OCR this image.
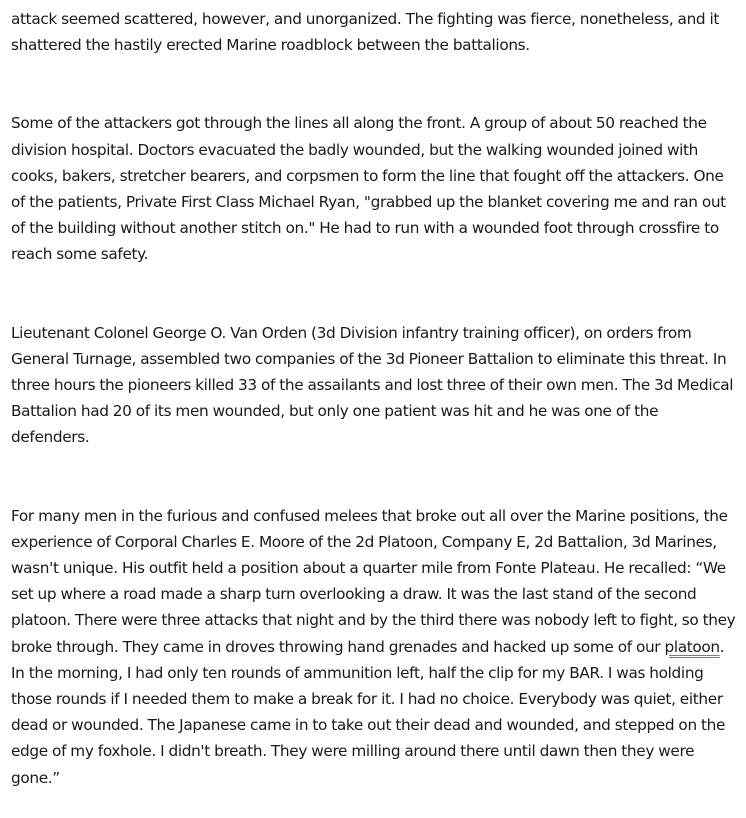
attack seemed scattered, however, and unorganized. The fighting was fierce, nonetheless, and it shattered the hastily erected Marine roadblock between the battalions.

Some of the attackers got through the lines all along the front. A group of about 50 reached the division hospital. Doctors evacuated the badly wounded, but the walking wounded joined with cooks, bakers, stretcher bearers, and corpsmen to form the line that fought off the attackers. One of the patients, Private First Class Michael Ryan, "grabbed up the blanket covering me and ran out of the building without another stitch on." He had to run with a wounded foot through crossfire to reach some safety.

Lieutenant Colonel George O. Van Orden (3d Division infantry training officer), on orders from General Turnage, assembled two companies of the 3d Pioneer Battalion to eliminate this threat. In three hours the pioneers killed 33 of the assailants and lost three of their own men. The 3d Medical Battalion had 20 of its men wounded, but only one patient was hit and he was one of the defenders.

For many men in the furious and confused melees that broke out all over the Marine positions, the experience of Corporal Charles E. Moore of the 2d Platoon, Company E, 2d Battalion, 3d Marines, wasn't unique. His outfit held a position about a quarter mile from Fonte Plateau. He recalled: “We set up where a road made a sharp turn overlooking a draw. It was the last stand of the second platoon. There were three attacks that night and by the third there was nobody left to fight, so they broke through. They came in droves throwing hand grenades and hacked up some of our platoon. In the morning, I had only ten rounds of ammunition left, half the clip for my BAR. I was holding those rounds if I needed them to make a break for it. I had no choice. Everybody was quiet, either dead or wounded. The Japanese came in to take out their dead and wounded, and stepped on the edge of my foxhole. I didn't breath. They were milling around there until dawn then they were gone.”
